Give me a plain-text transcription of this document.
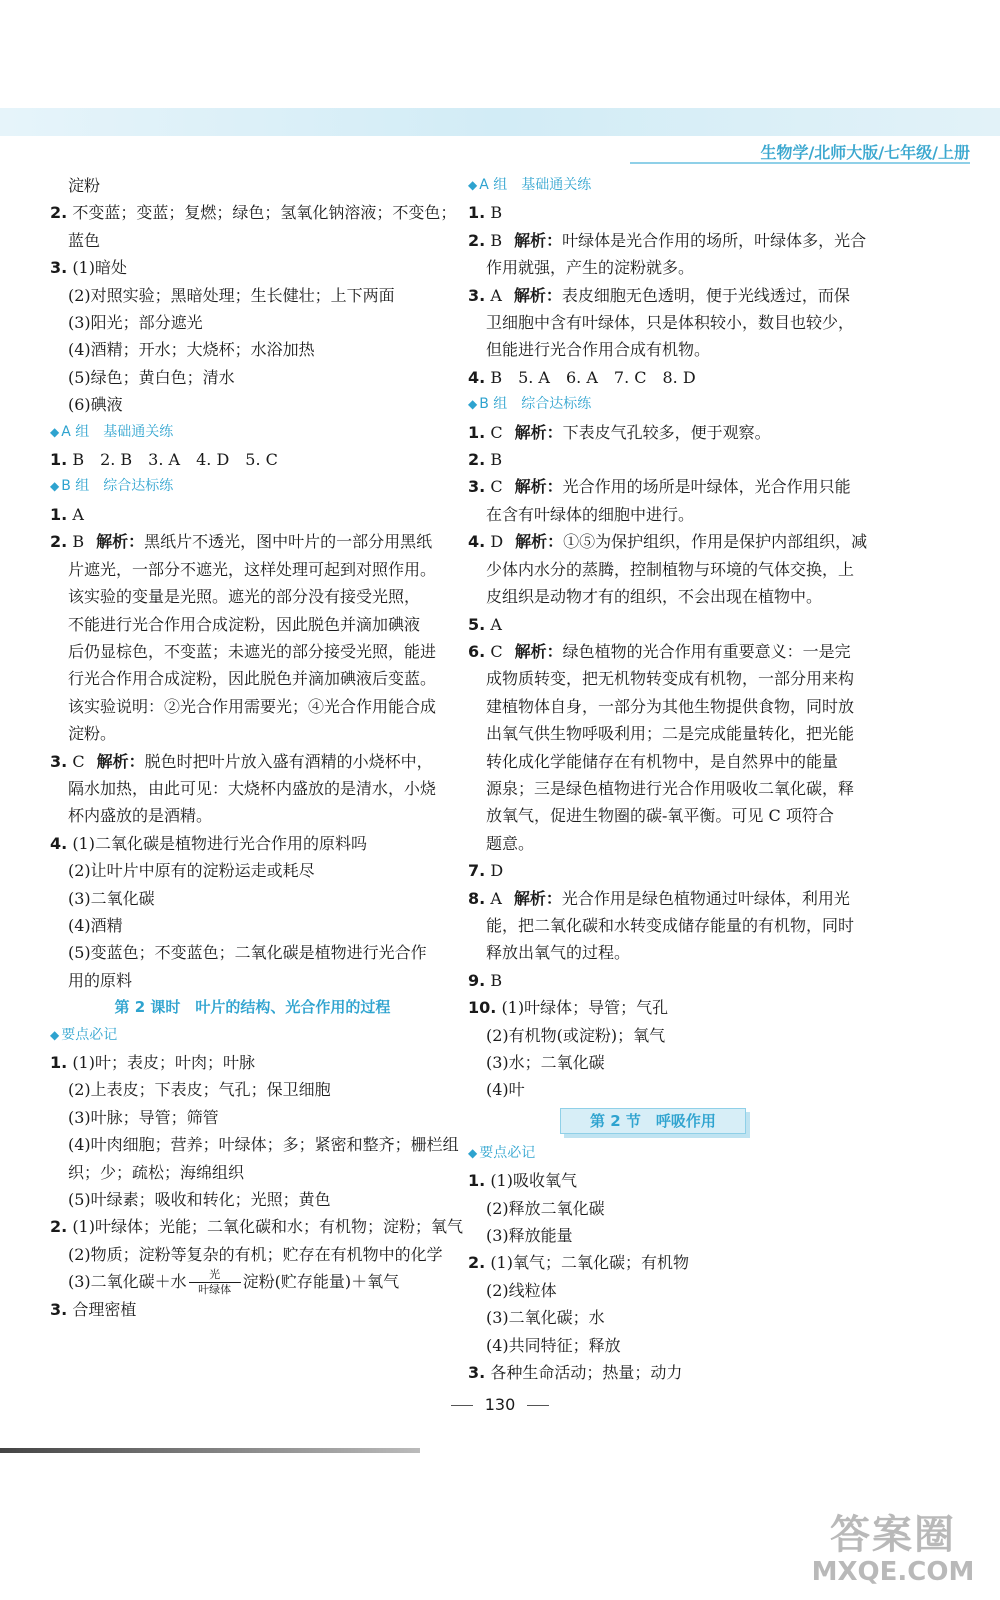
生物学/北师大版/七年级/上册
淀粉
2. 不变蓝；变蓝；复燃；绿色；氢氧化钠溶液；不变色；
蓝色
3. (1)暗处
(2)对照实验；黑暗处理；生长健壮；上下两面
(3)阳光；部分遮光
(4)酒精；开水；大烧杯；水浴加热
(5)绿色；黄白色；清水
(6)碘液
◆ A 组　基础通关练
1. B　2. B　3. A　4. D　5. C
◆ B 组　综合达标练
1. A
2. B 解析：黑纸片不透光，图中叶片的一部分用黑纸
片遮光，一部分不遮光，这样处理可起到对照作用。
该实验的变量是光照。遮光的部分没有接受光照，
不能进行光合作用合成淀粉，因此脱色并滴加碘液
后仍显棕色，不变蓝；未遮光的部分接受光照，能进
行光合作用合成淀粉，因此脱色并滴加碘液后变蓝。
该实验说明：②光合作用需要光；④光合作用能合成
淀粉。
3. C 解析：脱色时把叶片放入盛有酒精的小烧杯中，
隔水加热，由此可见：大烧杯内盛放的是清水，小烧
杯内盛放的是酒精。
4. (1)二氧化碳是植物进行光合作用的原料吗
(2)让叶片中原有的淀粉运走或耗尽
(3)二氧化碳
(4)酒精
(5)变蓝色；不变蓝色；二氧化碳是植物进行光合作
用的原料
第 2 课时　叶片的结构、光合作用的过程
◆ 要点必记
1. (1)叶；表皮；叶肉；叶脉
(2)上表皮；下表皮；气孔；保卫细胞
(3)叶脉；导管；筛管
(4)叶肉细胞；营养；叶绿体；多；紧密和整齐；栅栏组
织；少；疏松；海绵组织
(5)叶绿素；吸收和转化；光照；黄色
2. (1)叶绿体；光能；二氧化碳和水；有机物；淀粉；氧气
(2)物质；淀粉等复杂的有机；贮存在有机物中的化学
(3)二氧化碳＋水	光
叶绿体 淀粉(贮存能量)＋氧气
3. 合理密植
◆ A 组　基础通关练
1. B
2. B 解析：叶绿体是光合作用的场所，叶绿体多，光合
作用就强，产生的淀粉就多。
3. A 解析：表皮细胞无色透明，便于光线透过，而保
卫细胞中含有叶绿体，只是体积较小，数目也较少，
但能进行光合作用合成有机物。
4. B　5. A　6. A　7. C　8. D
◆ B 组　综合达标练
1. C 解析：下表皮气孔较多，便于观察。
2. B
3. C 解析：光合作用的场所是叶绿体，光合作用只能
在含有叶绿体的细胞中进行。
4. D 解析：①⑤为保护组织，作用是保护内部组织，减
少体内水分的蒸腾，控制植物与环境的气体交换，上
皮组织是动物才有的组织，不会出现在植物中。
5. A
6. C 解析：绿色植物的光合作用有重要意义：一是完
成物质转变，把无机物转变成有机物，一部分用来构
建植物体自身，一部分为其他生物提供食物，同时放
出氧气供生物呼吸利用；二是完成能量转化，把光能
转化成化学能储存在有机物中，是自然界中的能量
源泉；三是绿色植物进行光合作用吸收二氧化碳，释
放氧气，促进生物圈的碳-氧平衡。可见 C 项符合
题意。
7. D
8. A 解析：光合作用是绿色植物通过叶绿体，利用光
能，把二氧化碳和水转变成储存能量的有机物，同时
释放出氧气的过程。
9. B
10. (1)叶绿体；导管；气孔
(2)有机物(或淀粉)；氧气
(3)水；二氧化碳
(4)叶
第 2 节　呼吸作用
◆ 要点必记
1. (1)吸收氧气
(2)释放二氧化碳
(3)释放能量
2. (1)氧气；二氧化碳；有机物
(2)线粒体
(3)二氧化碳；水
(4)共同特征；释放
3. 各种生命活动；热量；动力
130
答案圈
MXQE.COM
